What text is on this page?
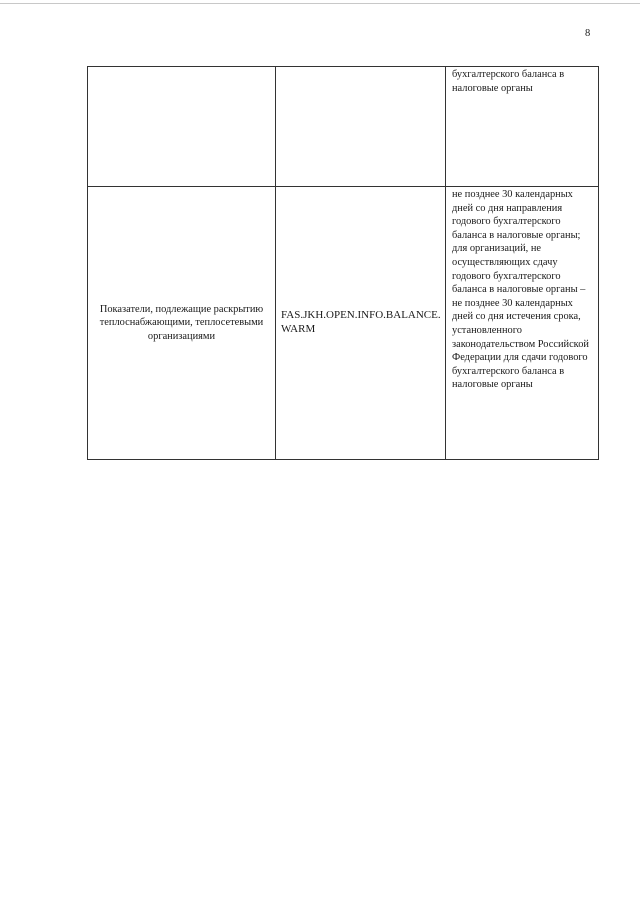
8

		бухгалтерского баланса в налоговые органы

Показатели, подлежащие раскрытию теплоснабжающими, теплосетевыми организациями	FAS.JKH.OPEN.INFO.BALANCE.WARM	не позднее 30 календарных дней со дня направления годового бухгалтерского баланса в налоговые органы; для организаций, не осуществляющих сдачу годового бухгалтерского баланса в налоговые органы – не позднее 30 календарных дней со дня истечения срока, установленного законодательством Российской Федерации для сдачи годового бухгалтерского баланса в налоговые органы
